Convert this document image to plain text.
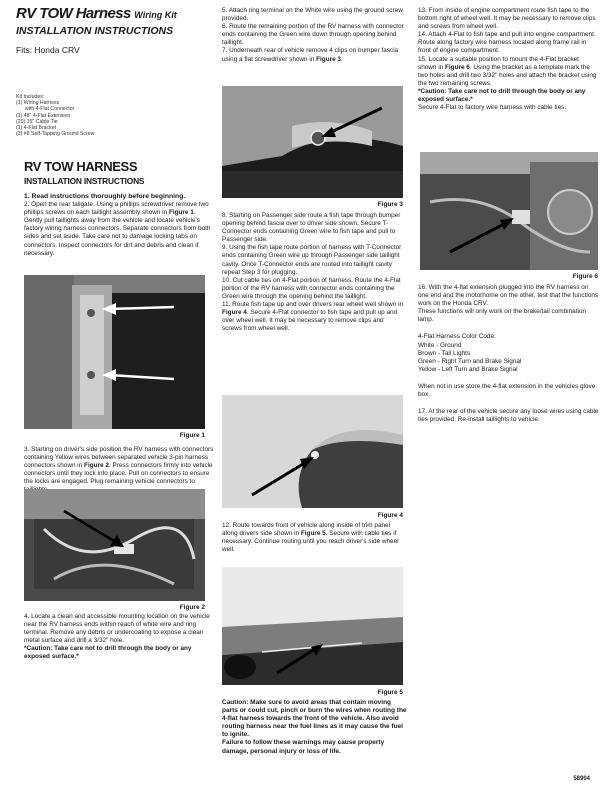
RV TOW Harness Wiring Kit
INSTALLATION INSTRUCTIONS
Fits: Honda CRV
Kit Includes:
(1) Wiring Harness
with 4-Flat Connector
(1) 48" 4-Flat Extension
(20) 15" Cable Tie
(1) 4-Flat Bracket
(3) #8 Self-Tapping Ground Screw
RV TOW HARNESS
INSTALLATION INSTRUCTIONS

1. Read instructions thoroughly before beginning.

2. Open the rear tailgate. Using a phillips screwdriver remove two phillips screws on each taillight assembly shown in Figure 1. Gently pull taillights away from the vehicle and locate vehicle's factory wiring harness connectors. Separate connectors from both sides and set aside. Take care not to damage locking tabs on connectors. Inspect connectors for dirt and debris and clean if necessary.

Figure 1

3. Starting on driver's side position the RV harness with connectors containing Yellow wires between separated vehicle 3-pin harness connectors shown in Figure 2. Press connectors firmly into vehicle connectors until they lock into place. Pull on connectors to ensure the locks are engaged. Plug remaining vehicle connectors to

Figure 2

4. Locate a clean and accessible mounting location on the vehicle near the RV harness ends within reach of white wire and ring terminal. Remove any debris or undercoating to expose a clean metal surface and drill a 3/32" hole.

*Caution: Take care not to drill through the body or any exposed surface.*

5. Attach ring terminal on the White wire using the ground screw provided.

6. Route the remaining portion of the RV harness with connector ends containing the Green wire down through opening behind taillight.

7. Underneath rear of vehicle remove 4 clips on bumper fascia using a flat screwdriver shown in Figure 3.

Figure 3

8. Starting on Passenger side route a fish tape through bumper opening behind fascia over to driver side shown. Secure T-Connector ends containing Green wire to fish tape and pull to Passenger side.

9. Using the fish tape route portion of harness with T-Connector ends containing Green wire up through Passenger side taillight cavity. Once T-Connector ends are routed into taillight cavity repeat Step 3 for plugging.

10. Cut cable ties on 4-Flat portion of harness. Route the 4-Flat portion of the RV harness with connector ends containing the Green wire through the opening behind the taillight.

11. Route fish tape up and over drivers rear wheel well shown in Figure 4. Secure 4-Flat connector to fish tape and pull up and over wheel well. It may be necessary to remove clips and screws from wheel well.

Figure 4

12. Route towards front of vehicle along inside of trim panel along drivers side shown in Figure 5. Secure with cable ties if necessary. Continue routing until you reach driver's side wheel well.

Figure 5

Caution: Make sure to avoid areas that contain moving parts or could cut, pinch or burn the wires when routing the 4-flat harness towards the front of the vehicle. Also avoid routing harness near the fuel lines as it may cause the fuel to ignite.

Failure to follow these warnings may cause property damage, personal injury or loss of life.

13. From inside of engine compartment route fish tape to the bottom right of wheel well. It may be necessary to remove clips and screws from wheel well.

14. Attach 4-Flat to fish tape and pull into engine compartment. Route along factory wire harness located along frame rail in front of engine compartment.

15. Locate a suitable position to mount the 4-Flat bracket shown in Figure 6. Using the bracket as a template mark the two holes and drill two 3/32" holes and attach the bracket using the two remaining screws.

*Caution: Take care not to drill through the body or any exposed surface.*

Secure 4-Flat to factory wire harness with cable ties.

Figure 6

16. With the 4-flat extension plugged into the RV harness on one end and the motorhome on the other, test that the functions work on the Honda CRV.

These functions will only work on the brake/tail combination lamp.

4-Flat Harness Color Code:

White - Ground

Brown - Tail Lights

Green - Right Turn and Brake Signal

Yellow - Left Turn and Brake Signal

When not in use store the 4-flat extension in the vehicles glove box.

17. At the rear of the vehicle secure any loose wires using cable ties provided. Re-install taillights to vehicle.

58904
